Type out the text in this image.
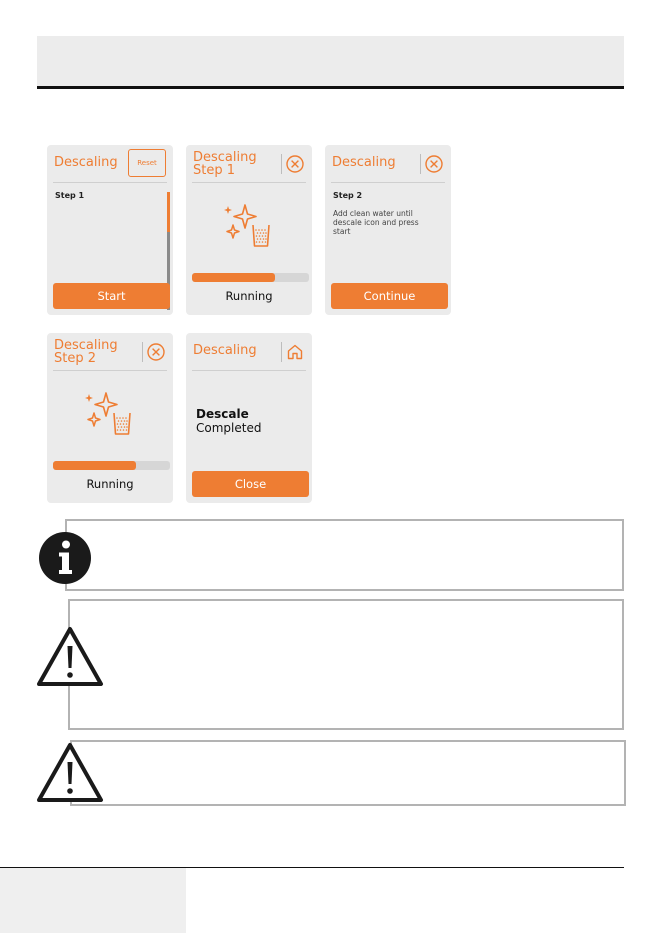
Descaling	Reset
Step 1
Start
Descaling
Step 1
Running
Descaling
Step 2
Add clean water until descale icon and press start
Continue
Descaling
Step 2
Running
Descaling
Descale
Completed
Close
